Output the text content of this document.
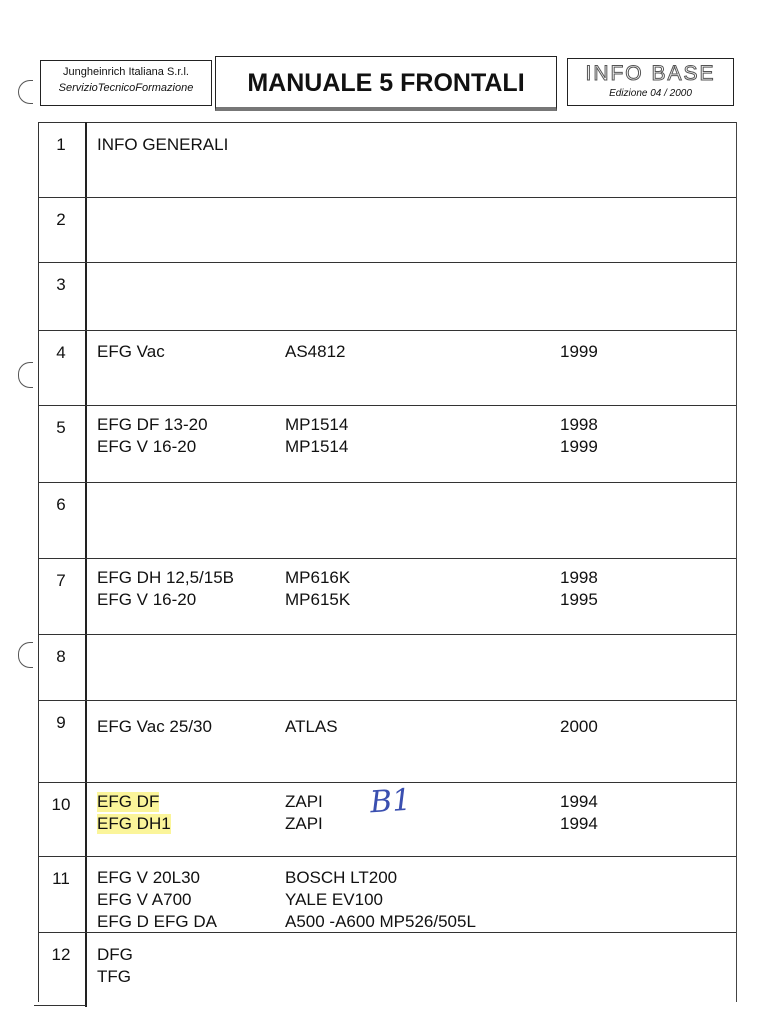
Jungheinrich Italiana S.r.l.
ServizioTecnicoFormazione	MANUALE 5 FRONTALI	INFO BASE
Edizione 04 / 2000
1	INFO GENERALI
2
3
4	EFG Vac	AS4812	1999
5	EFG DF 13-20	MP1514	1998
EFG V 16-20	MP1514	1999
6
7	EFG DH 12,5/15B	MP616K	1998
EFG V 16-20	MP615K	1995
8
9	EFG Vac 25/30	ATLAS	2000
10	EFG DF	ZAPI	1994
EFG DH1	ZAPI	1994
B1
11	EFG V 20L30	BOSCH LT200
EFG V A700	YALE EV100
EFG D EFG DA	A500 -A600 MP526/505L
12	DFG
TFG
